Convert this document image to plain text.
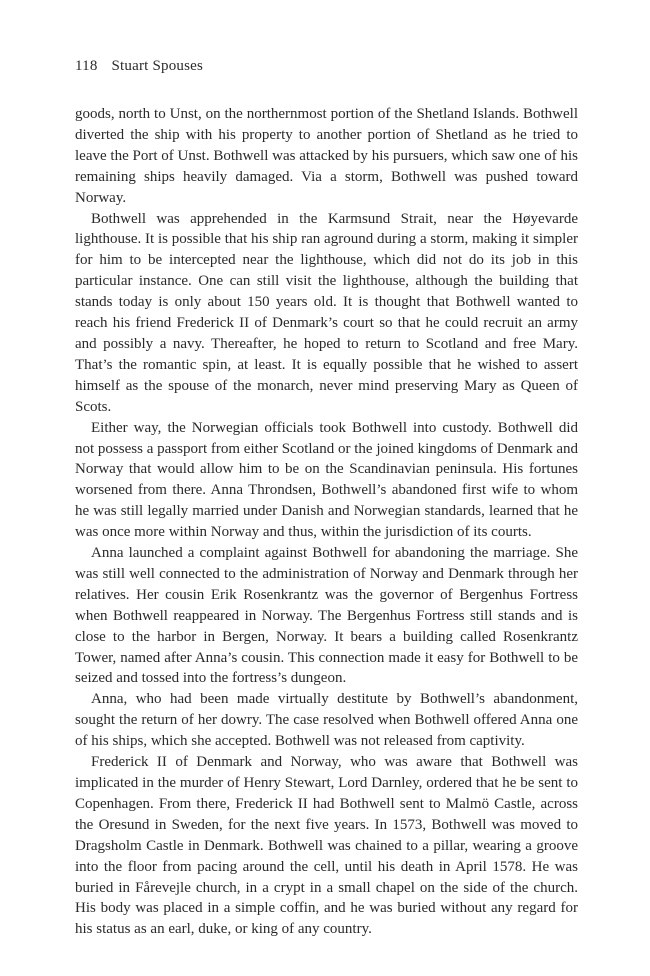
118 Stuart Spouses

goods, north to Unst, on the northernmost portion of the Shetland Islands. Bothwell diverted the ship with his property to another portion of Shetland as he tried to leave the Port of Unst. Bothwell was attacked by his pursuers, which saw one of his remaining ships heavily damaged. Via a storm, Bothwell was pushed toward Norway.

Bothwell was apprehended in the Karmsund Strait, near the Høyevarde lighthouse. It is possible that his ship ran aground during a storm, making it simpler for him to be intercepted near the lighthouse, which did not do its job in this particular instance. One can still visit the lighthouse, although the building that stands today is only about 150 years old. It is thought that Bothwell wanted to reach his friend Frederick II of Denmark’s court so that he could recruit an army and possibly a navy. Thereafter, he hoped to return to Scotland and free Mary. That’s the romantic spin, at least. It is equally possible that he wished to assert himself as the spouse of the monarch, never mind preserving Mary as Queen of Scots.

Either way, the Norwegian officials took Bothwell into custody. Bothwell did not possess a passport from either Scotland or the joined kingdoms of Denmark and Norway that would allow him to be on the Scandinavian peninsula. His fortunes worsened from there. Anna Throndsen, Bothwell’s abandoned first wife to whom he was still legally married under Danish and Norwegian standards, learned that he was once more within Norway and thus, within the jurisdiction of its courts.

Anna launched a complaint against Bothwell for abandoning the marriage. She was still well connected to the administration of Norway and Denmark through her relatives. Her cousin Erik Rosenkrantz was the governor of Bergenhus Fortress when Bothwell reappeared in Norway. The Bergenhus Fortress still stands and is close to the harbor in Bergen, Norway. It bears a building called Rosenkrantz Tower, named after Anna’s cousin. This connection made it easy for Bothwell to be seized and tossed into the fortress’s dungeon.

Anna, who had been made virtually destitute by Bothwell’s abandonment, sought the return of her dowry. The case resolved when Bothwell offered Anna one of his ships, which she accepted. Bothwell was not released from captivity.

Frederick II of Denmark and Norway, who was aware that Bothwell was implicated in the murder of Henry Stewart, Lord Darnley, ordered that he be sent to Copenhagen. From there, Frederick II had Bothwell sent to Malmö Castle, across the Oresund in Sweden, for the next five years. In 1573, Bothwell was moved to Dragsholm Castle in Denmark. Bothwell was chained to a pillar, wearing a groove into the floor from pacing around the cell, until his death in April 1578. He was buried in Fårevejle church, in a crypt in a small chapel on the side of the church. His body was placed in a simple coffin, and he was buried without any regard for his status as an earl, duke, or king of any country.
